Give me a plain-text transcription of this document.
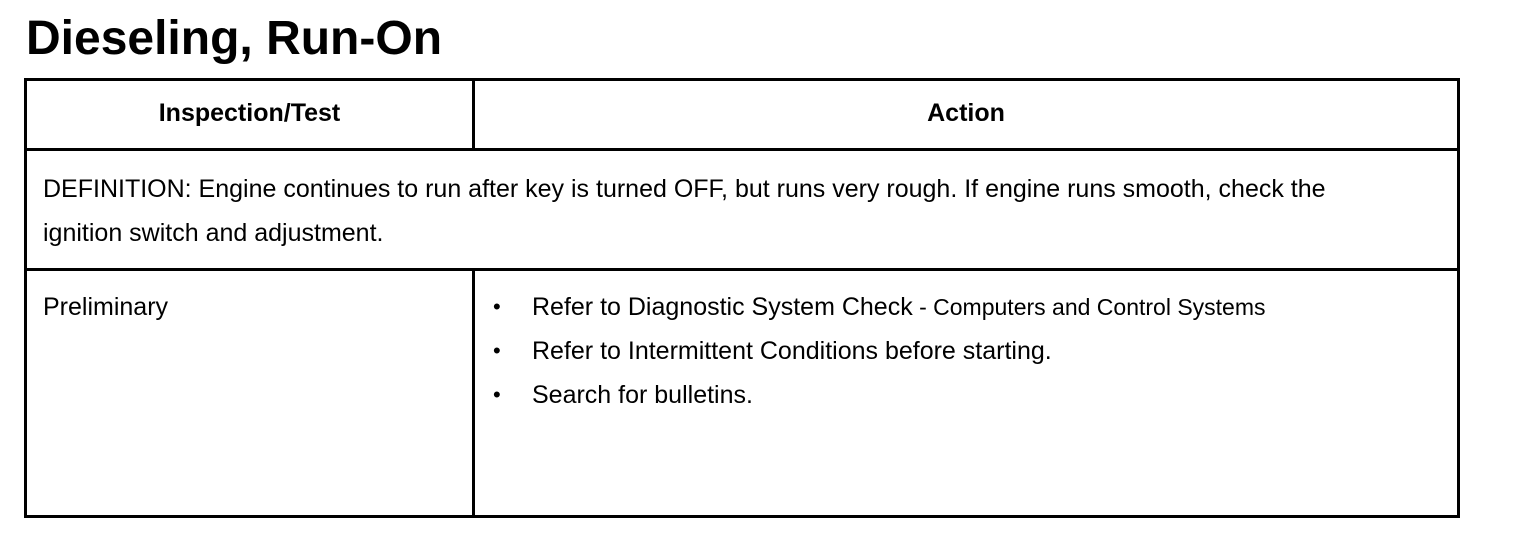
Dieseling, Run-On
Inspection/Test	Action

DEFINITION: Engine continues to run after key is turned OFF, but runs very rough. If engine runs smooth, check the ignition switch and adjustment.

Preliminary	• Refer to Diagnostic System Check - Computers and Control Systems
• Refer to Intermittent Conditions before starting.
• Search for bulletins.
